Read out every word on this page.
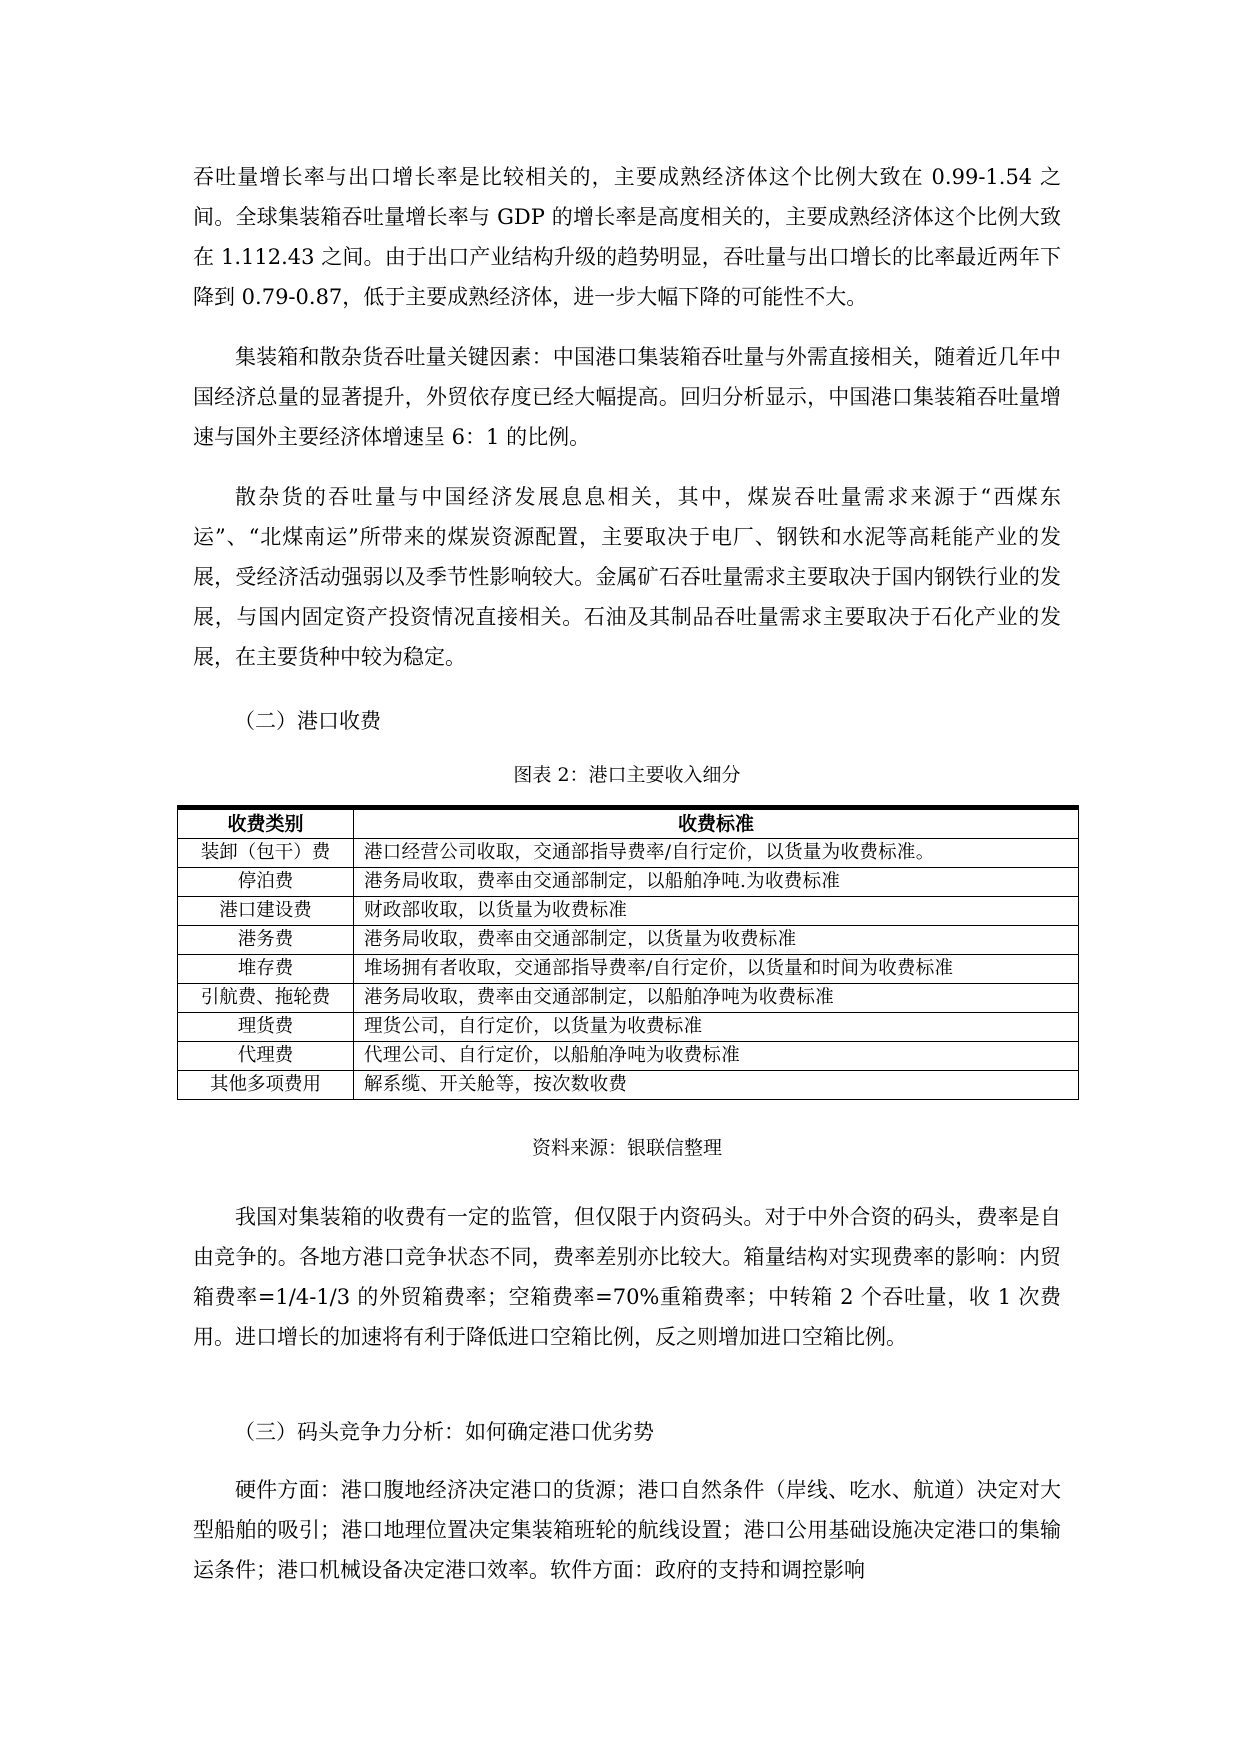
吞吐量增长率与出口增长率是比较相关的，主要成熟经济体这个比例大致在 0.99-1.54 之间。全球集装箱吞吐量增长率与 GDP 的增长率是高度相关的，主要成熟经济体这个比例大致在 1.112.43 之间。由于出口产业结构升级的趋势明显，吞吐量与出口增长的比率最近两年下降到 0.79-0.87，低于主要成熟经济体，进一步大幅下降的可能性不大。

集装箱和散杂货吞吐量关键因素：中国港口集装箱吞吐量与外需直接相关，随着近几年中国经济总量的显著提升，外贸依存度已经大幅提高。回归分析显示，中国港口集装箱吞吐量增速与国外主要经济体增速呈 6：1 的比例。

散杂货的吞吐量与中国经济发展息息相关，其中，煤炭吞吐量需求来源于“西煤东运”、“北煤南运”所带来的煤炭资源配置，主要取决于电厂、钢铁和水泥等高耗能产业的发展，受经济活动强弱以及季节性影响较大。金属矿石吞吐量需求主要取决于国内钢铁行业的发展，与国内固定资产投资情况直接相关。石油及其制品吞吐量需求主要取决于石化产业的发展，在主要货种中较为稳定。

（二）港口收费

图表 2：港口主要收入细分

收费类别	收费标准
装卸（包干）费	港口经营公司收取，交通部指导费率/自行定价，以货量为收费标准。
停泊费	港务局收取，费率由交通部制定，以船舶净吨.为收费标准
港口建设费	财政部收取，以货量为收费标准
港务费	港务局收取，费率由交通部制定，以货量为收费标准
堆存费	堆场拥有者收取，交通部指导费率/自行定价，以货量和时间为收费标准
引航费、拖轮费	港务局收取，费率由交通部制定，以船舶净吨为收费标准
理货费	理货公司，自行定价，以货量为收费标准
代理费	代理公司、自行定价，以船舶净吨为收费标准
其他多项费用	解系缆、开关舱等，按次数收费

资料来源：银联信整理

我国对集装箱的收费有一定的监管，但仅限于内资码头。对于中外合资的码头，费率是自由竞争的。各地方港口竞争状态不同，费率差别亦比较大。箱量结构对实现费率的影响：内贸箱费率=1/4-1/3 的外贸箱费率；空箱费率=70%重箱费率；中转箱 2 个吞吐量，收 1 次费用。进口增长的加速将有利于降低进口空箱比例，反之则增加进口空箱比例。

（三）码头竞争力分析：如何确定港口优劣势

硬件方面：港口腹地经济决定港口的货源；港口自然条件（岸线、吃水、航道）决定对大型船舶的吸引；港口地理位置决定集装箱班轮的航线设置；港口公用基础设施决定港口的集输运条件；港口机械设备决定港口效率。软件方面：政府的支持和调控影响
